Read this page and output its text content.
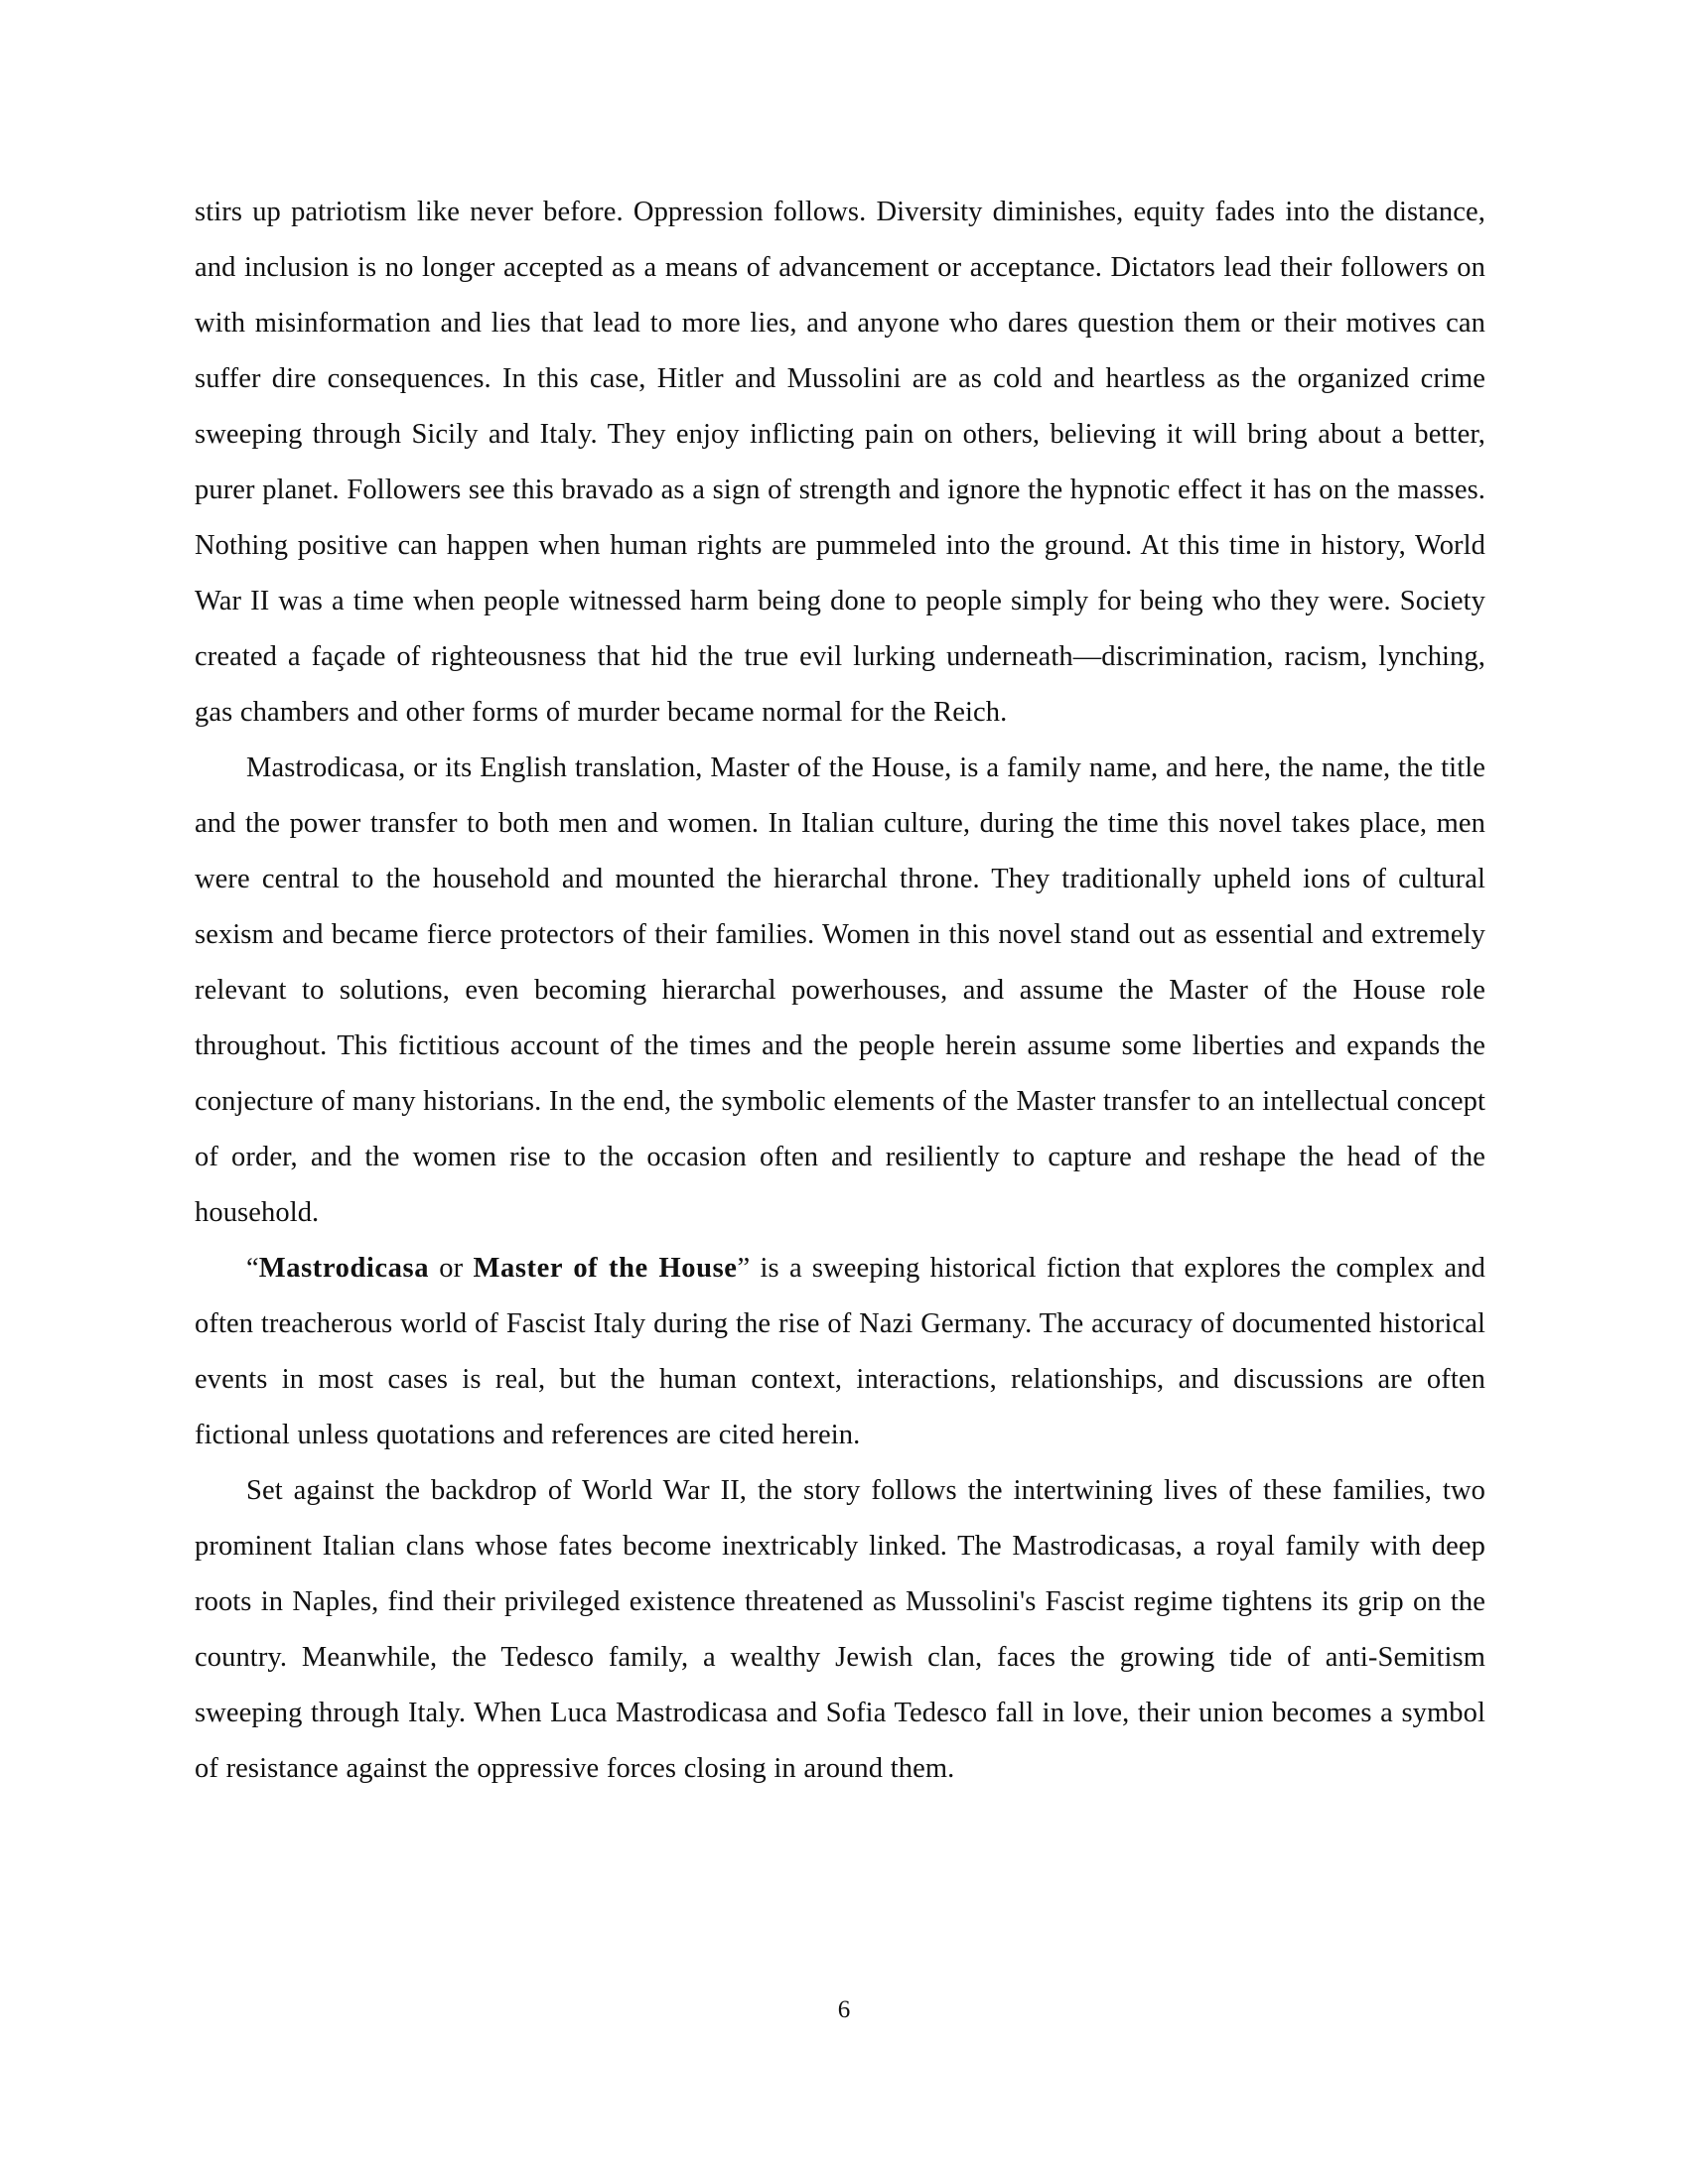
stirs up patriotism like never before. Oppression follows. Diversity diminishes, equity fades into the distance, and inclusion is no longer accepted as a means of advancement or acceptance. Dictators lead their followers on with misinformation and lies that lead to more lies, and anyone who dares question them or their motives can suffer dire consequences. In this case, Hitler and Mussolini are as cold and heartless as the organized crime sweeping through Sicily and Italy. They enjoy inflicting pain on others, believing it will bring about a better, purer planet. Followers see this bravado as a sign of strength and ignore the hypnotic effect it has on the masses. Nothing positive can happen when human rights are pummeled into the ground. At this time in history, World War II was a time when people witnessed harm being done to people simply for being who they were. Society created a façade of righteousness that hid the true evil lurking underneath—discrimination, racism, lynching, gas chambers and other forms of murder became normal for the Reich.

Mastrodicasa, or its English translation, Master of the House, is a family name, and here, the name, the title and the power transfer to both men and women. In Italian culture, during the time this novel takes place, men were central to the household and mounted the hierarchal throne. They traditionally upheld ions of cultural sexism and became fierce protectors of their families. Women in this novel stand out as essential and extremely relevant to solutions, even becoming hierarchal powerhouses, and assume the Master of the House role throughout. This fictitious account of the times and the people herein assume some liberties and expands the conjecture of many historians. In the end, the symbolic elements of the Master transfer to an intellectual concept of order, and the women rise to the occasion often and resiliently to capture and reshape the head of the household.

“Mastrodicasa or Master of the House” is a sweeping historical fiction that explores the complex and often treacherous world of Fascist Italy during the rise of Nazi Germany. The accuracy of documented historical events in most cases is real, but the human context, interactions, relationships, and discussions are often fictional unless quotations and references are cited herein.

Set against the backdrop of World War II, the story follows the intertwining lives of these families, two prominent Italian clans whose fates become inextricably linked. The Mastrodicasas, a royal family with deep roots in Naples, find their privileged existence threatened as Mussolini's Fascist regime tightens its grip on the country. Meanwhile, the Tedesco family, a wealthy Jewish clan, faces the growing tide of anti-Semitism sweeping through Italy. When Luca Mastrodicasa and Sofia Tedesco fall in love, their union becomes a symbol of resistance against the oppressive forces closing in around them.

6
